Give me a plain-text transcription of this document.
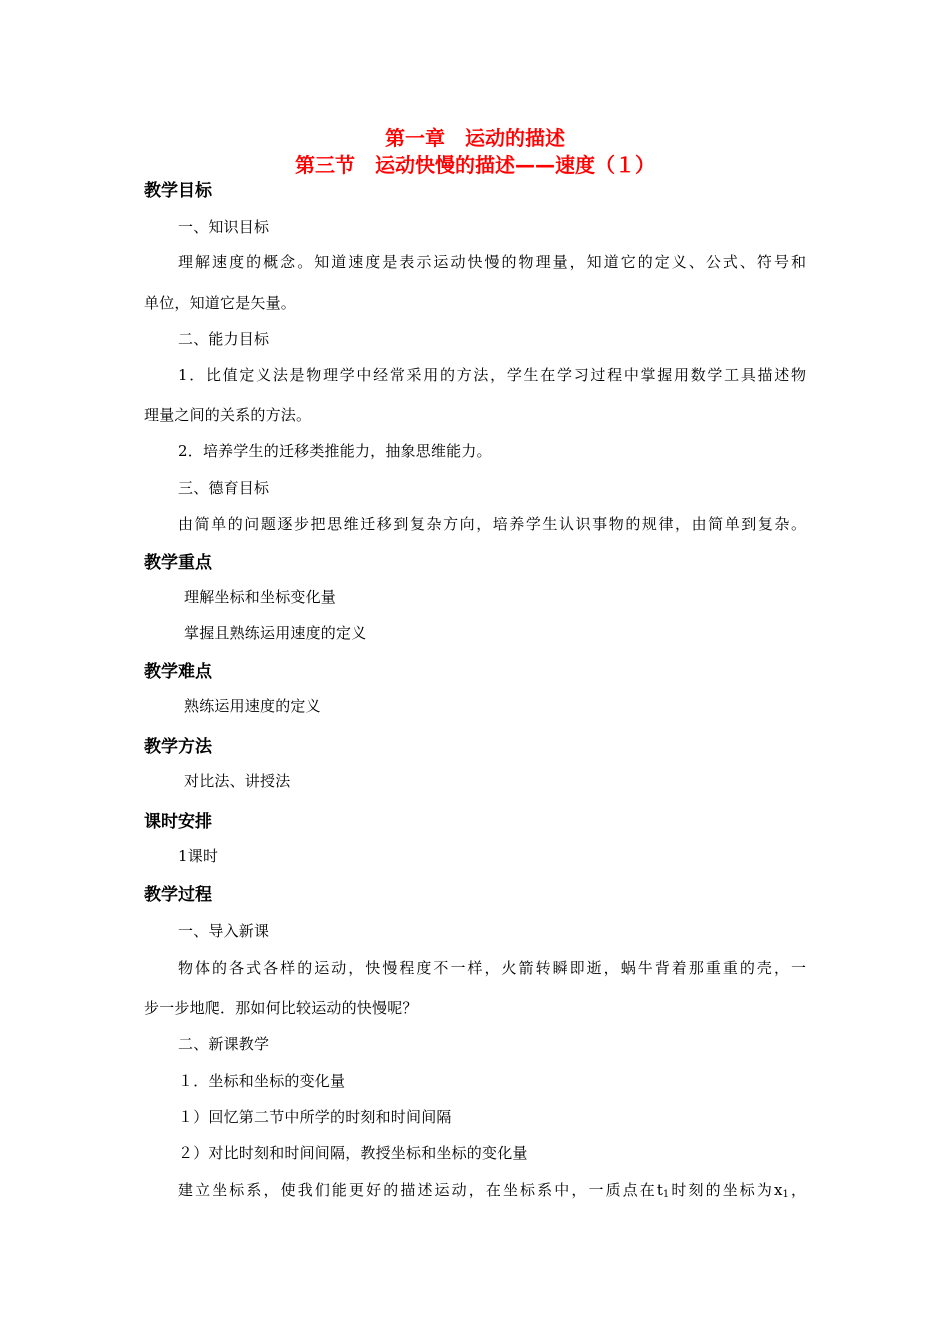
第一章　运动的描述
第三节　运动快慢的描述——速度（１）
教学目标
一、知识目标
理解速度的概念。知道速度是表示运动快慢的物理量，知道它的定义、公式、符号和
单位，知道它是矢量。
二、能力目标
1．比值定义法是物理学中经常采用的方法，学生在学习过程中掌握用数学工具描述物
理量之间的关系的方法。
2．培养学生的迁移类推能力，抽象思维能力。
三、德育目标
由简单的问题逐步把思维迁移到复杂方向，培养学生认识事物的规律，由简单到复杂。
教学重点
理解坐标和坐标变化量
掌握且熟练运用速度的定义
教学难点
熟练运用速度的定义
教学方法
对比法、讲授法
课时安排
1课时
教学过程
一、导入新课
物体的各式各样的运动，快慢程度不一样，火箭转瞬即逝，蜗牛背着那重重的壳，一
步一步地爬．那如何比较运动的快慢呢？
二、新课教学
１．坐标和坐标的变化量
１）回忆第二节中所学的时刻和时间间隔
２）对比时刻和时间间隔，教授坐标和坐标的变化量
建立坐标系，使我们能更好的描述运动，在坐标系中，一质点在$t_1$时刻的坐标为$x_1$，
